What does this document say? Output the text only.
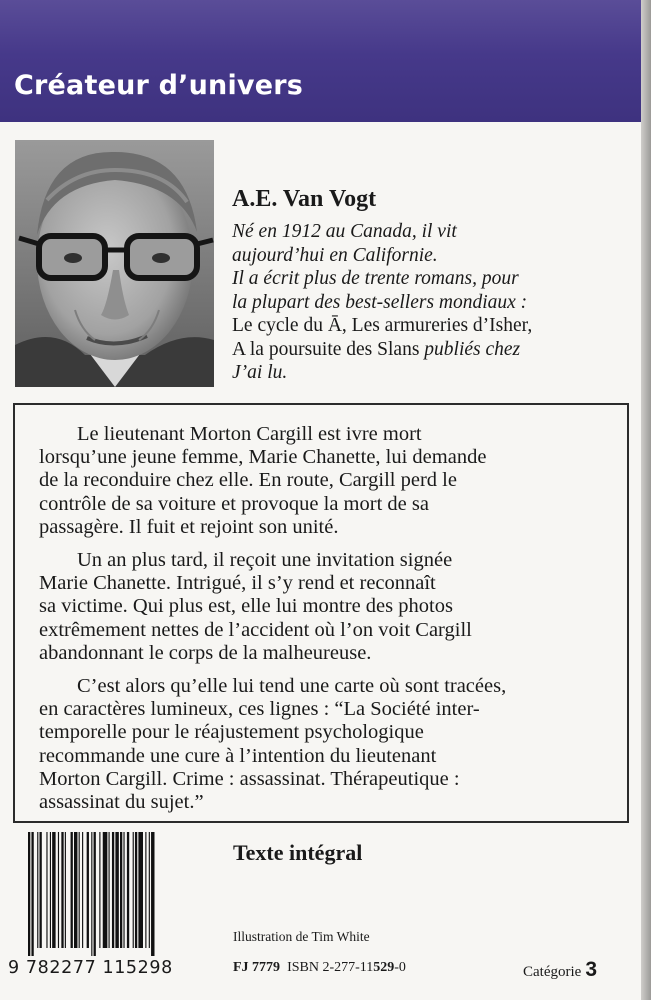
Créateur d’univers
A.E. Van Vogt
Né en 1912 au Canada, il vit
aujourd’hui en Californie.
Il a écrit plus de trente romans, pour
la plupart des best-sellers mondiaux :
Le cycle du Ā, Les armureries d’Isher,
A la poursuite des Slans publiés chez
J’ai lu.
Le lieutenant Morton Cargill est ivre mort
lorsqu’une jeune femme, Marie Chanette, lui demande
de la reconduire chez elle. En route, Cargill perd le
contrôle de sa voiture et provoque la mort de sa
passagère. Il fuit et rejoint son unité.
Un an plus tard, il reçoit une invitation signée
Marie Chanette. Intrigué, il s’y rend et reconnaît
sa victime. Qui plus est, elle lui montre des photos
extrêmement nettes de l’accident où l’on voit Cargill
abandonnant le corps de la malheureuse.
C’est alors qu’elle lui tend une carte où sont tracées,
en caractères lumineux, ces lignes : “La Société inter-
temporelle pour le réajustement psychologique
recommande une cure à l’intention du lieutenant
Morton Cargill. Crime : assassinat. Thérapeutique :
assassinat du sujet.”
9 782277 115298
Texte intégral
Illustration de Tim White
FJ 7779 ISBN 2-277-11529-0	Catégorie 3
